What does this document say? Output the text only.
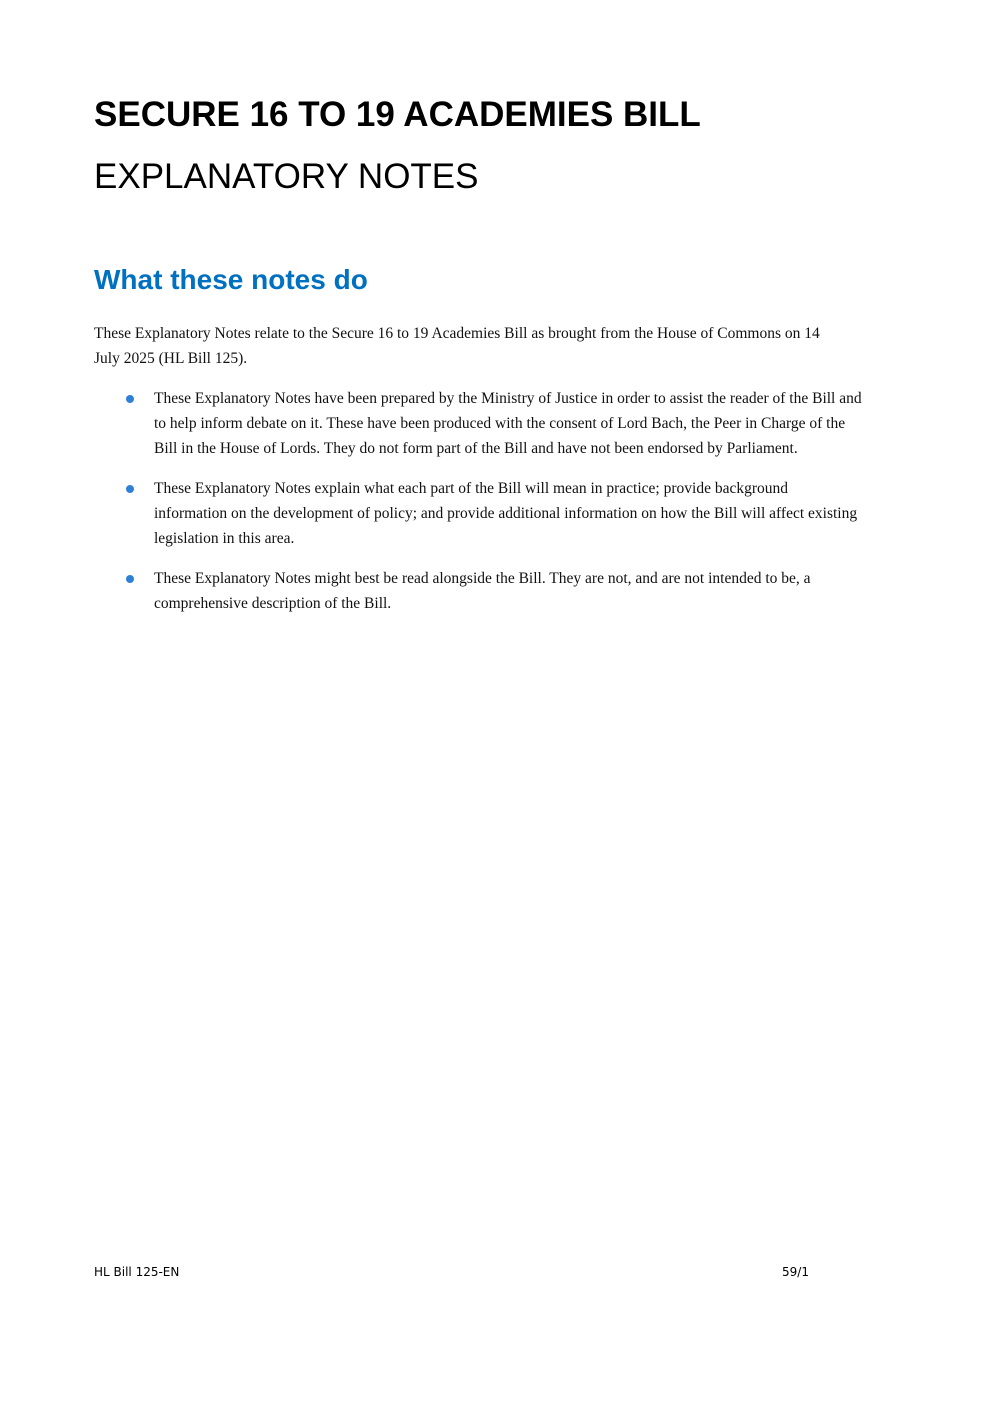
SECURE 16 TO 19 ACADEMIES BILL
EXPLANATORY NOTES
What these notes do

These Explanatory Notes relate to the Secure 16 to 19 Academies Bill as brought from the House of Commons on 14 July 2025 (HL Bill 125).

These Explanatory Notes have been prepared by the Ministry of Justice in order to assist the reader of the Bill and to help inform debate on it. These have been produced with the consent of Lord Bach, the Peer in Charge of the Bill in the House of Lords. They do not form part of the Bill and have not been endorsed by Parliament.
These Explanatory Notes explain what each part of the Bill will mean in practice; provide background information on the development of policy; and provide additional information on how the Bill will affect existing legislation in this area.
These Explanatory Notes might best be read alongside the Bill. They are not, and are not intended to be, a comprehensive description of the Bill.
HL Bill 125-EN	59/1
